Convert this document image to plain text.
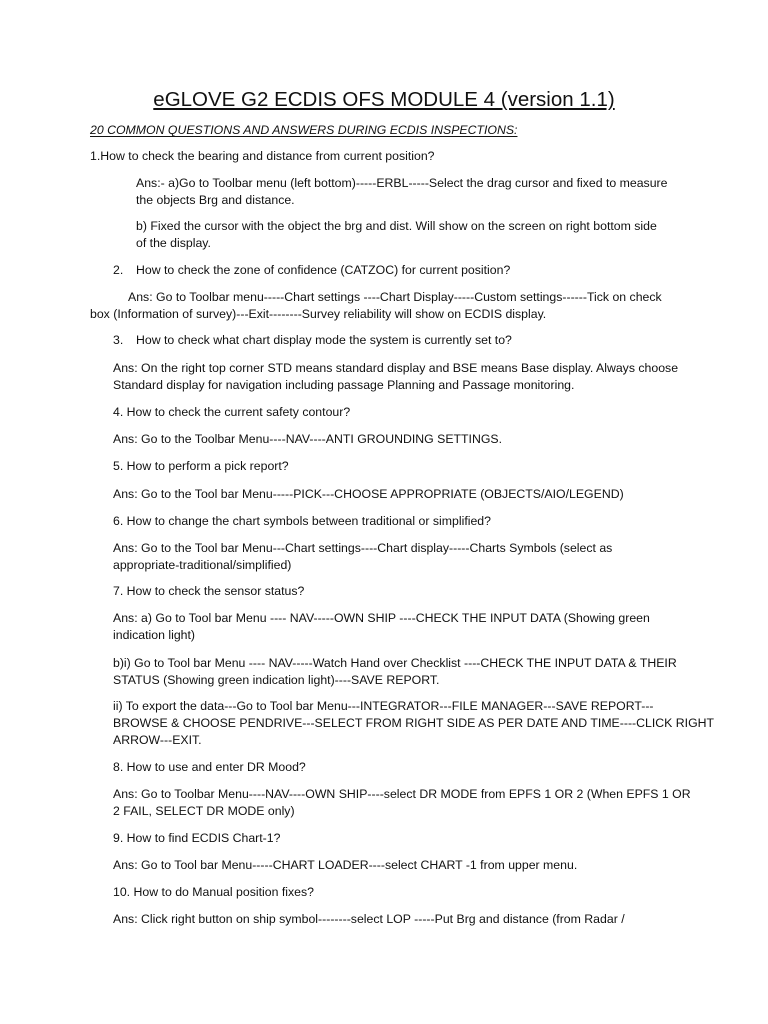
eGLOVE G2 ECDIS OFS MODULE 4 (version 1.1)
20 COMMON QUESTIONS AND ANSWERS DURING ECDIS INSPECTIONS:
1.How to check the bearing and distance from current position?
Ans:- a)Go to Toolbar menu (left bottom)-----ERBL-----Select the drag cursor and fixed to measure
the objects Brg and distance.
b) Fixed the cursor with the object the brg and dist. Will show on the screen on right bottom side
of the display.
2. How to check the zone of confidence (CATZOC) for current position?
Ans: Go to Toolbar menu-----Chart settings ----Chart Display-----Custom settings------Tick on check
box (Information of survey)---Exit--------Survey reliability will show on ECDIS display.
3. How to check what chart display mode the system is currently set to?
Ans: On the right top corner STD means standard display and BSE means Base display. Always choose
Standard display for navigation including passage Planning and Passage monitoring.
4. How to check the current safety contour?
Ans: Go to the Toolbar Menu----NAV----ANTI GROUNDING SETTINGS.
5. How to perform a pick report?
Ans: Go to the Tool bar Menu-----PICK---CHOOSE APPROPRIATE (OBJECTS/AIO/LEGEND)
6. How to change the chart symbols between traditional or simplified?
Ans: Go to the Tool bar Menu---Chart settings----Chart display-----Charts Symbols (select as
appropriate-traditional/simplified)
7. How to check the sensor status?
Ans: a) Go to Tool bar Menu ---- NAV-----OWN SHIP ----CHECK THE INPUT DATA (Showing green
indication light)
b)i) Go to Tool bar Menu ---- NAV-----Watch Hand over Checklist ----CHECK THE INPUT DATA & THEIR
STATUS (Showing green indication light)----SAVE REPORT.
ii) To export the data---Go to Tool bar Menu---INTEGRATOR---FILE MANAGER---SAVE REPORT---
BROWSE & CHOOSE PENDRIVE---SELECT FROM RIGHT SIDE AS PER DATE AND TIME----CLICK RIGHT
ARROW---EXIT.
8. How to use and enter DR Mood?
Ans: Go to Toolbar Menu----NAV----OWN SHIP----select DR MODE from EPFS 1 OR 2 (When EPFS 1 OR
2 FAIL, SELECT DR MODE only)
9. How to find ECDIS Chart-1?
Ans: Go to Tool bar Menu-----CHART LOADER----select CHART -1 from upper menu.
10. How to do Manual position fixes?
Ans: Click right button on ship symbol--------select LOP -----Put Brg and distance (from Radar /
